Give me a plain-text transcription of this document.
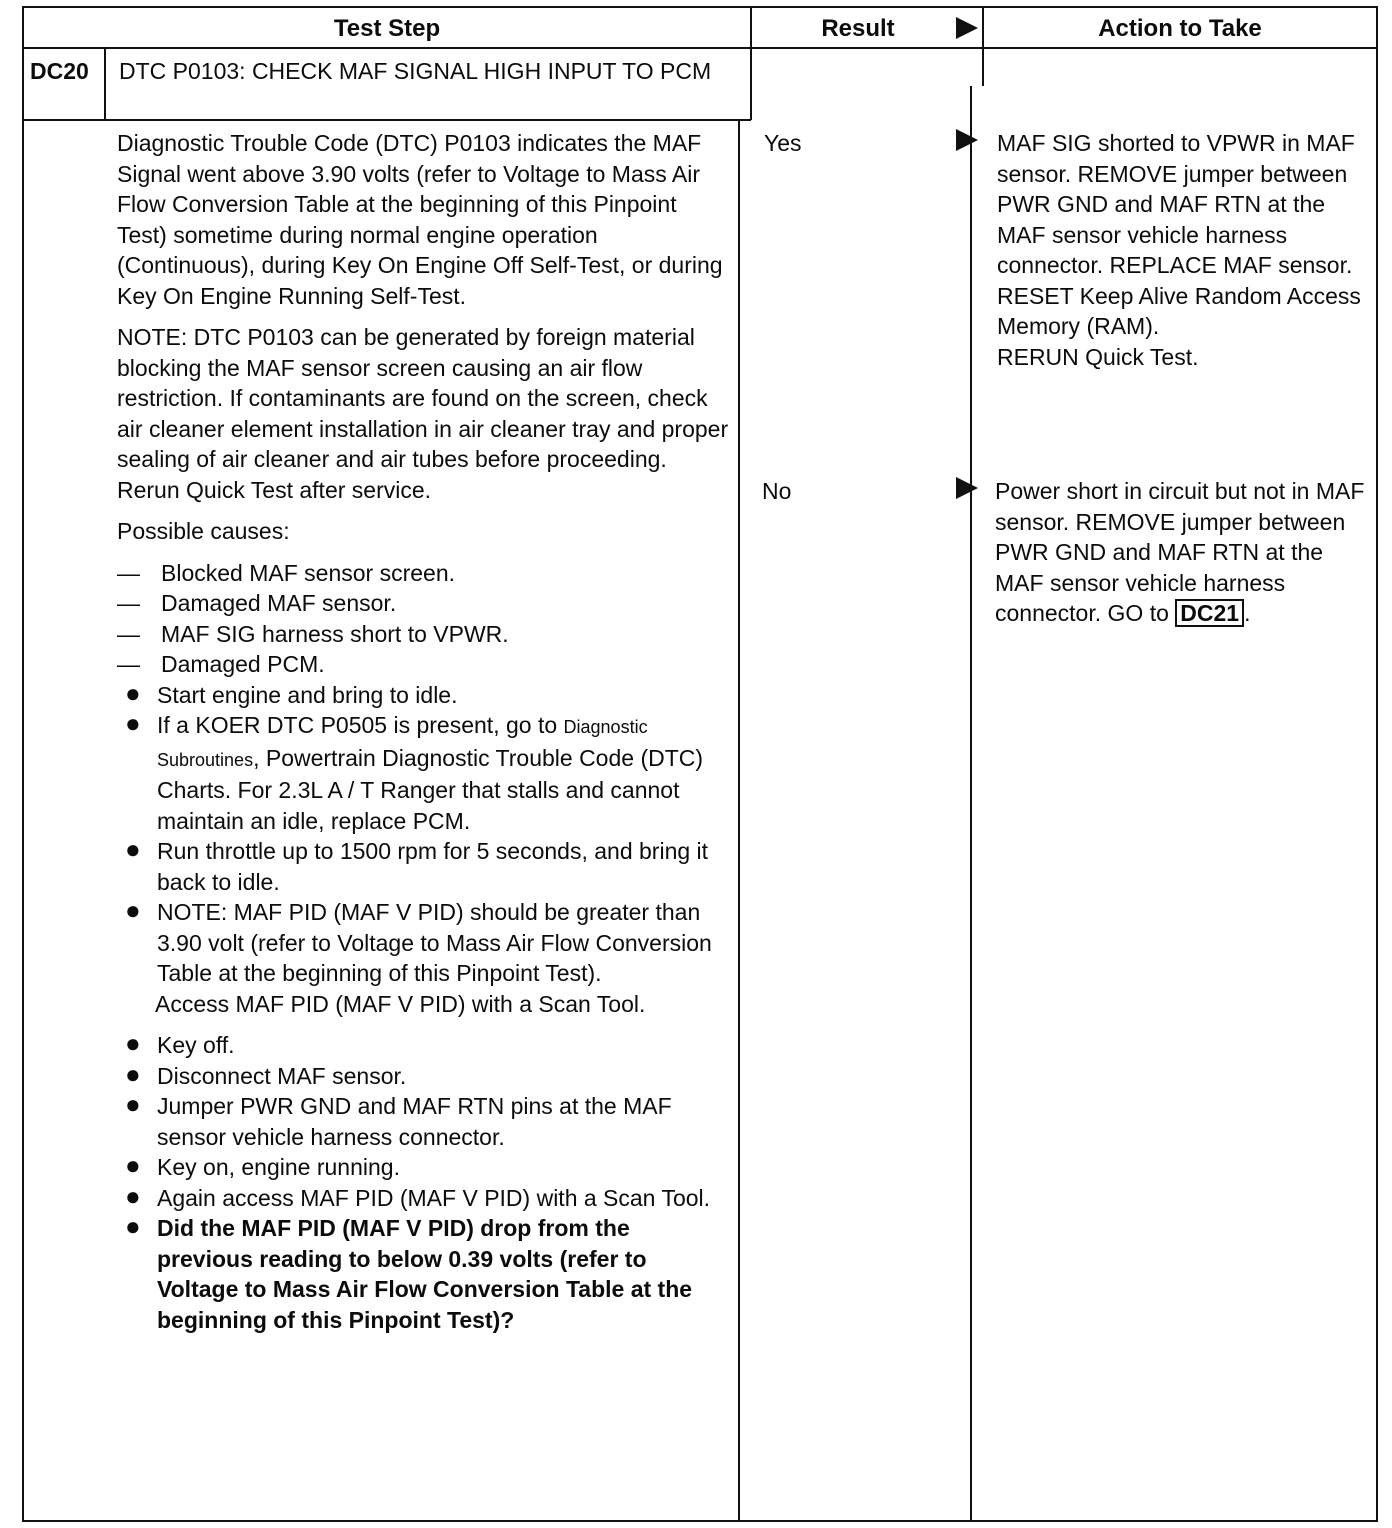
Test Step	Result	Action to Take
DC20 DTC P0103: CHECK MAF SIGNAL HIGH INPUT TO PCM

Diagnostic Trouble Code (DTC) P0103 indicates the MAF Signal went above 3.90 volts (refer to Voltage to Mass Air Flow Conversion Table at the beginning of this Pinpoint Test) sometime during normal engine operation (Continuous), during Key On Engine Off Self-Test, or during Key On Engine Running Self-Test.

NOTE: DTC P0103 can be generated by foreign material blocking the MAF sensor screen causing an air flow restriction. If contaminants are found on the screen, check air cleaner element installation in air cleaner tray and proper sealing of air cleaner and air tubes before proceeding. Rerun Quick Test after service.

Possible causes:

— Blocked MAF sensor screen.
— Damaged MAF sensor.
— MAF SIG harness short to VPWR.
— Damaged PCM.
● Start engine and bring to idle.
● If a KOER DTC P0505 is present, go to Diagnostic Subroutines, Powertrain Diagnostic Trouble Code (DTC) Charts. For 2.3L A / T Ranger that stalls and cannot maintain an idle, replace PCM.
● Run throttle up to 1500 rpm for 5 seconds, and bring it back to idle.
● NOTE: MAF PID (MAF V PID) should be greater than 3.90 volt (refer to Voltage to Mass Air Flow Conversion Table at the beginning of this Pinpoint Test).

Access MAF PID (MAF V PID) with a Scan Tool.

● Key off.
● Disconnect MAF sensor.
● Jumper PWR GND and MAF RTN pins at the MAF sensor vehicle harness connector.
● Key on, engine running.
● Again access MAF PID (MAF V PID) with a Scan Tool.
● Did the MAF PID (MAF V PID) drop from the previous reading to below 0.39 volts (refer to Voltage to Mass Air Flow Conversion Table at the beginning of this Pinpoint Test)?
Yes
No
MAF SIG shorted to VPWR in MAF sensor. REMOVE jumper between PWR GND and MAF RTN at the MAF sensor vehicle harness connector. REPLACE MAF sensor. RESET Keep Alive Random Access Memory (RAM).
RERUN Quick Test.
Power short in circuit but not in MAF sensor. REMOVE jumper between PWR GND and MAF RTN at the MAF sensor vehicle harness connector. GO to DC21 .
